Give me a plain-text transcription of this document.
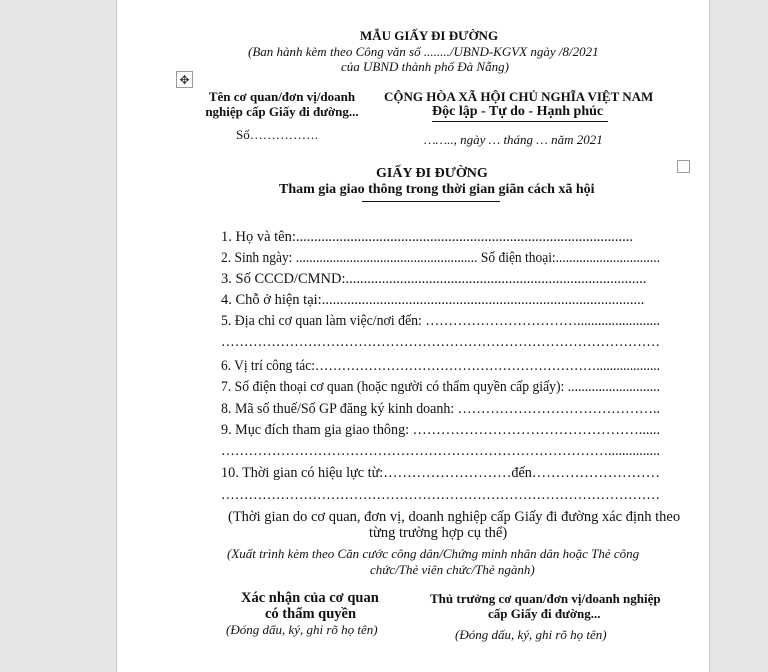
✥
MẪU GIẤY ĐI ĐƯỜNG
(Ban hành kèm theo Công văn số ......../UBND-KGVX ngày /8/2021
của UBND thành phố Đà Nẵng)
Tên cơ quan/đơn vị/doanh
nghiệp cấp Giấy đi đường...
Số…………….
CỘNG HÒA XÃ HỘI CHỦ NGHĨA VIỆT NAM
Độc lập - Tự do - Hạnh phúc
…….., ngày … tháng … năm 2021
GIẤY ĐI ĐƯỜNG
Tham gia giao thông trong thời gian giãn cách xã hội
1. Họ và tên:.............................................................................................
2. Sinh ngày: ...................................................... Số điện thoại:...............................
3. Số CCCD/CMND:...................................................................................
4. Chỗ ở hiện tại:.........................................................................................
5. Địa chỉ cơ quan làm việc/nơi đến: ……………………………........................
……………………………………………………………………………………
6. Vị trí công tác:………………………………………………………...................
7. Số điện thoại cơ quan (hoặc người có thẩm quyền cấp giấy): ...........................
8. Mã số thuế/Số GP đăng ký kinh doanh: ……………………………………..
9. Mục đích tham gia giao thông: …………………………………………......
…………………………………………………………………………...............
10. Thời gian có hiệu lực từ:………………………đến………………………
……………………………………………………………………………………
(Thời gian do cơ quan, đơn vị, doanh nghiệp cấp Giấy đi đường xác định theo
từng trường hợp cụ thể)
(Xuất trình kèm theo Căn cước công dân/Chứng minh nhân dân hoặc Thẻ công
chức/Thẻ viên chức/Thẻ ngành)
Xác nhận của cơ quan
có thẩm quyền
(Đóng dấu, ký, ghi rõ họ tên)
Thủ trưởng cơ quan/đơn vị/doanh nghiệp
cấp Giấy đi đường...
(Đóng dấu, ký, ghi rõ họ tên)
